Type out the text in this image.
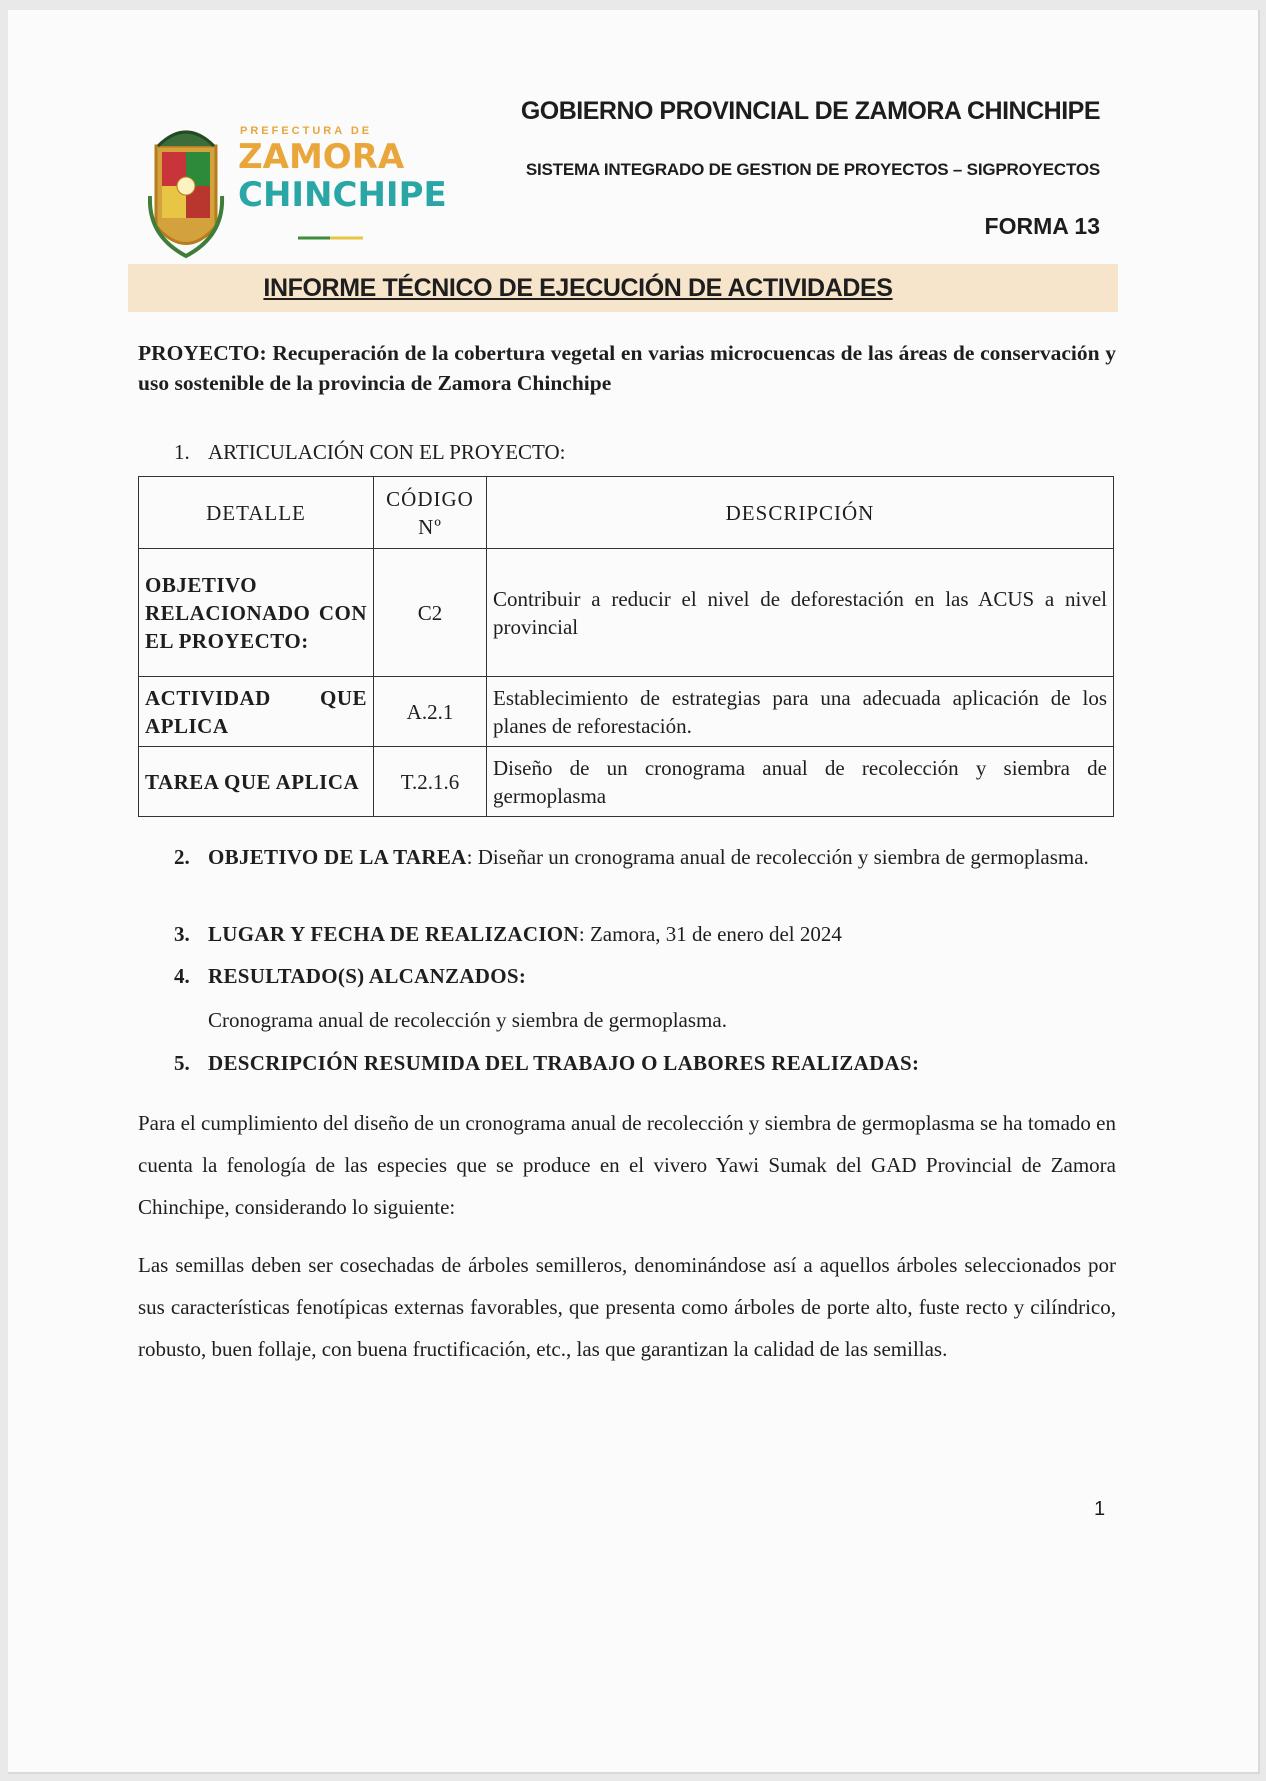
PREFECTURA DE
ZAMORA
CHINCHIPE
GOBIERNO PROVINCIAL DE ZAMORA CHINCHIPE
SISTEMA INTEGRADO DE GESTION DE PROYECTOS – SIGPROYECTOS
FORMA 13
INFORME TÉCNICO DE EJECUCIÓN DE ACTIVIDADES
PROYECTO: Recuperación de la cobertura vegetal en varias microcuencas de las áreas de conservación y uso sostenible de la provincia de Zamora Chinchipe
1. ARTICULACIÓN CON EL PROYECTO:
DETALLE	CÓDIGO Nº	DESCRIPCIÓN
OBJETIVO RELACIONADO CON EL PROYECTO:	C2	Contribuir a reducir el nivel de deforestación en las ACUS a nivel provincial
ACTIVIDAD QUE APLICA	A.2.1	Establecimiento de estrategias para una adecuada aplicación de los planes de reforestación.
TAREA QUE APLICA	T.2.1.6	Diseño de un cronograma anual de recolección y siembra de germoplasma
2. OBJETIVO DE LA TAREA: Diseñar un cronograma anual de recolección y siembra de germoplasma.
3. LUGAR Y FECHA DE REALIZACION: Zamora, 31 de enero del 2024
4. RESULTADO(S) ALCANZADOS:
Cronograma anual de recolección y siembra de germoplasma.
5. DESCRIPCIÓN RESUMIDA DEL TRABAJO O LABORES REALIZADAS:
Para el cumplimiento del diseño de un cronograma anual de recolección y siembra de germoplasma se ha tomado en cuenta la fenología de las especies que se produce en el vivero Yawi Sumak del GAD Provincial de Zamora Chinchipe, considerando lo siguiente:
Las semillas deben ser cosechadas de árboles semilleros, denominándose así a aquellos árboles seleccionados por sus características fenotípicas externas favorables, que presenta como árboles de porte alto, fuste recto y cilíndrico, robusto, buen follaje, con buena fructificación, etc., las que garantizan la calidad de las semillas.
1
